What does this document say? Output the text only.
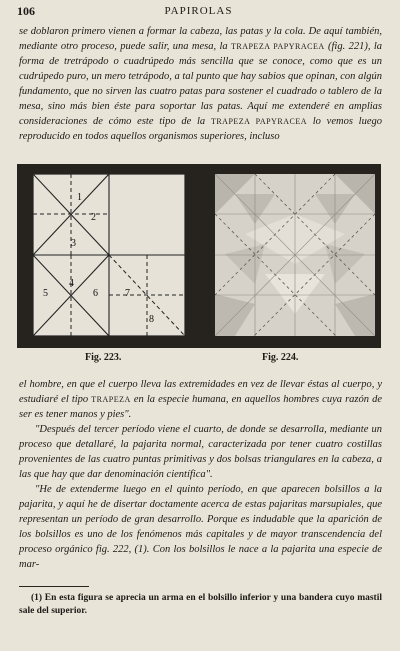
106	PAPIROLAS

se doblaron primero vienen a formar la cabeza, las patas y la cola. De aquí también, mediante otro proceso, puede salir, una mesa, la TRAPEZA PAPYRACEA (fig. 221), la forma de tretrápodo o cuadrúpedo más sencilla que se conoce, como que es un cudrúpedo puro, un mero tetrápodo, a tal punto que hay sabios que opinan, con algún fundamento, que no sirven las cuatro patas para sostener el cuadrado o tablero de la mesa, sino más bien éste para soportar las patas. Aquí me extenderé en amplias consideraciones de cómo este tipo de la TRAPEZA PAPYRACEA lo vemos luego reproducido en todos aquellos organismos superiores, incluso

1
2
3
4
5	6	7
8
Fig. 223.	Fig. 224.

el hombre, en que el cuerpo lleva las extremidades en vez de llevar éstas al cuerpo, y estudiaré el tipo TRAPEZA en la especie humana, en aquellos hombres cuya razón de ser es tener manos y pies".

"Después del tercer período viene el cuarto, de donde se desarrolla, mediante un proceso que detallaré, la pajarita normal, caracterizada por tener cuatro costillas provenientes de las cuatro puntas primitivas y dos bolsas triangulares en la cabeza, a las que hay que dar denominación científica".

"He de extenderme luego en el quinto período, en que aparecen bolsillos a la pajarita, y aquí he de disertar doctamente acerca de estas pajaritas marsupiales, que representan un período de gran desarrollo. Porque es indudable que la aparición de los bolsillos es uno de los fenómenos más capitales y de mayor transcendencia del proceso orgánico fig. 222, (1). Con los bolsillos le nace a la pajarita una especie de mar-

(1) En esta figura se aprecia un arma en el bolsillo inferior y una bandera cuyo mastil sale del superior.
